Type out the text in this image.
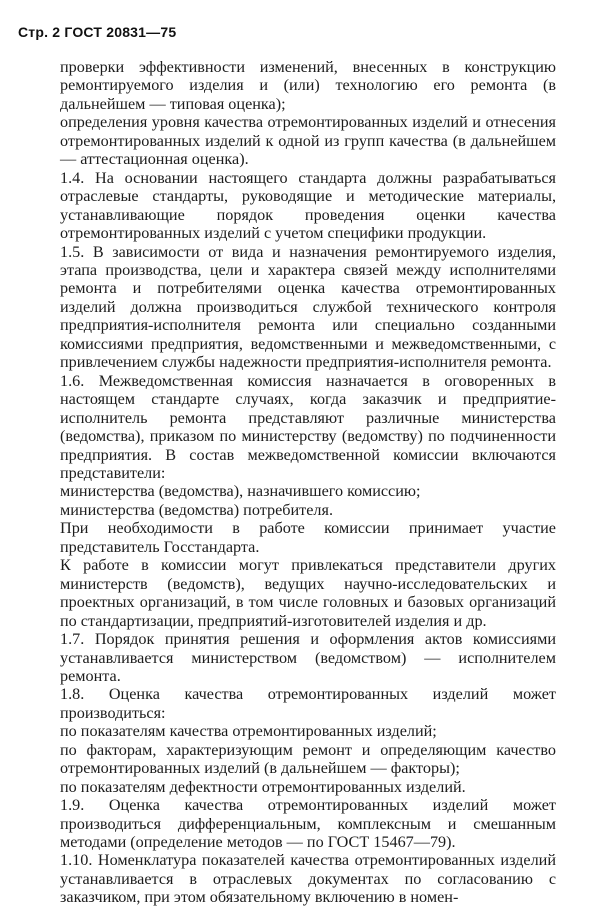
Стр. 2 ГОСТ 20831—75

проверки эффективности изменений, внесенных в конструкцию ремонтируемого изделия и (или) технологию его ремонта (в дальнейшем — типовая оценка);

определения уровня качества отремонтированных изделий и отнесения отремонтированных изделий к одной из групп качества (в дальнейшем — аттестационная оценка).

1.4. На основании настоящего стандарта должны разрабатываться отраслевые стандарты, руководящие и методические материалы, устанавливающие порядок проведения оценки качества отремонтированных изделий с учетом специфики продукции.

1.5. В зависимости от вида и назначения ремонтируемого изделия, этапа производства, цели и характера связей между исполнителями ремонта и потребителями оценка качества отремонтированных изделий должна производиться службой технического контроля предприятия-исполнителя ремонта или специально созданными комиссиями предприятия, ведомственными и межведомственными, с привлечением службы надежности предприятия-исполнителя ремонта.

1.6. Межведомственная комиссия назначается в оговоренных в настоящем стандарте случаях, когда заказчик и предприятие-исполнитель ремонта представляют различные министерства (ведомства), приказом по министерству (ведомству) по подчиненности предприятия. В состав межведомственной комиссии включаются представители:

министерства (ведомства), назначившего комиссию;

министерства (ведомства) потребителя.

При необходимости в работе комиссии принимает участие представитель Госстандарта.

К работе в комиссии могут привлекаться представители других министерств (ведомств), ведущих научно-исследовательских и проектных организаций, в том числе головных и базовых организаций по стандартизации, предприятий-изготовителей изделия и др.

1.7. Порядок принятия решения и оформления актов комиссиями устанавливается министерством (ведомством) — исполнителем ремонта.

1.8. Оценка качества отремонтированных изделий может производиться:

по показателям качества отремонтированных изделий;

по факторам, характеризующим ремонт и определяющим качество отремонтированных изделий (в дальнейшем — факторы);

по показателям дефектности отремонтированных изделий.

1.9. Оценка качества отремонтированных изделий может производиться дифференциальным, комплексным и смешанным методами (определение методов — по ГОСТ 15467—79).

1.10. Номенклатура показателей качества отремонтированных изделий устанавливается в отраслевых документах по согласованию с заказчиком, при этом обязательному включению в номен-
